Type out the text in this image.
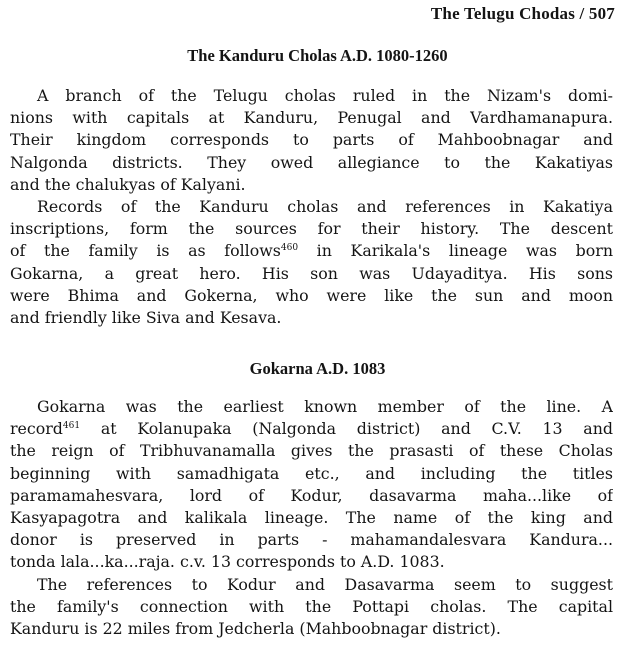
The Telugu Chodas / 507
The Kanduru Cholas A.D. 1080-1260
A branch of the Telugu cholas ruled in the Nizam's domi-
nions with capitals at Kanduru, Penugal and Vardhamanapura.
Their kingdom corresponds to parts of Mahboobnagar and
Nalgonda districts. They owed allegiance to the Kakatiyas
and the chalukyas of Kalyani.
Records of the Kanduru cholas and references in Kakatiya
inscriptions, form the sources for their history. The descent
of the family is as follows$^{460}$ in Karikala's lineage was born
Gokarna, a great hero. His son was Udayaditya. His sons
were Bhima and Gokerna, who were like the sun and moon
and friendly like Siva and Kesava.
Gokarna A.D. 1083
Gokarna was the earliest known member of the line. A
record$^{461}$ at Kolanupaka (Nalgonda district) and C.V. 13 and
the reign of Tribhuvanamalla gives the prasasti of these Cholas
beginning with samadhigata etc., and including the titles
paramamahesvara, lord of Kodur, dasavarma maha...like of
Kasyapagotra and kalikala lineage. The name of the king and
donor is preserved in parts - mahamandalesvara Kandura...
tonda lala...ka...raja. c.v. 13 corresponds to A.D. 1083.
The references to Kodur and Dasavarma seem to suggest
the family's connection with the Pottapi cholas. The capital
Kanduru is 22 miles from Jedcherla (Mahboobnagar district).
